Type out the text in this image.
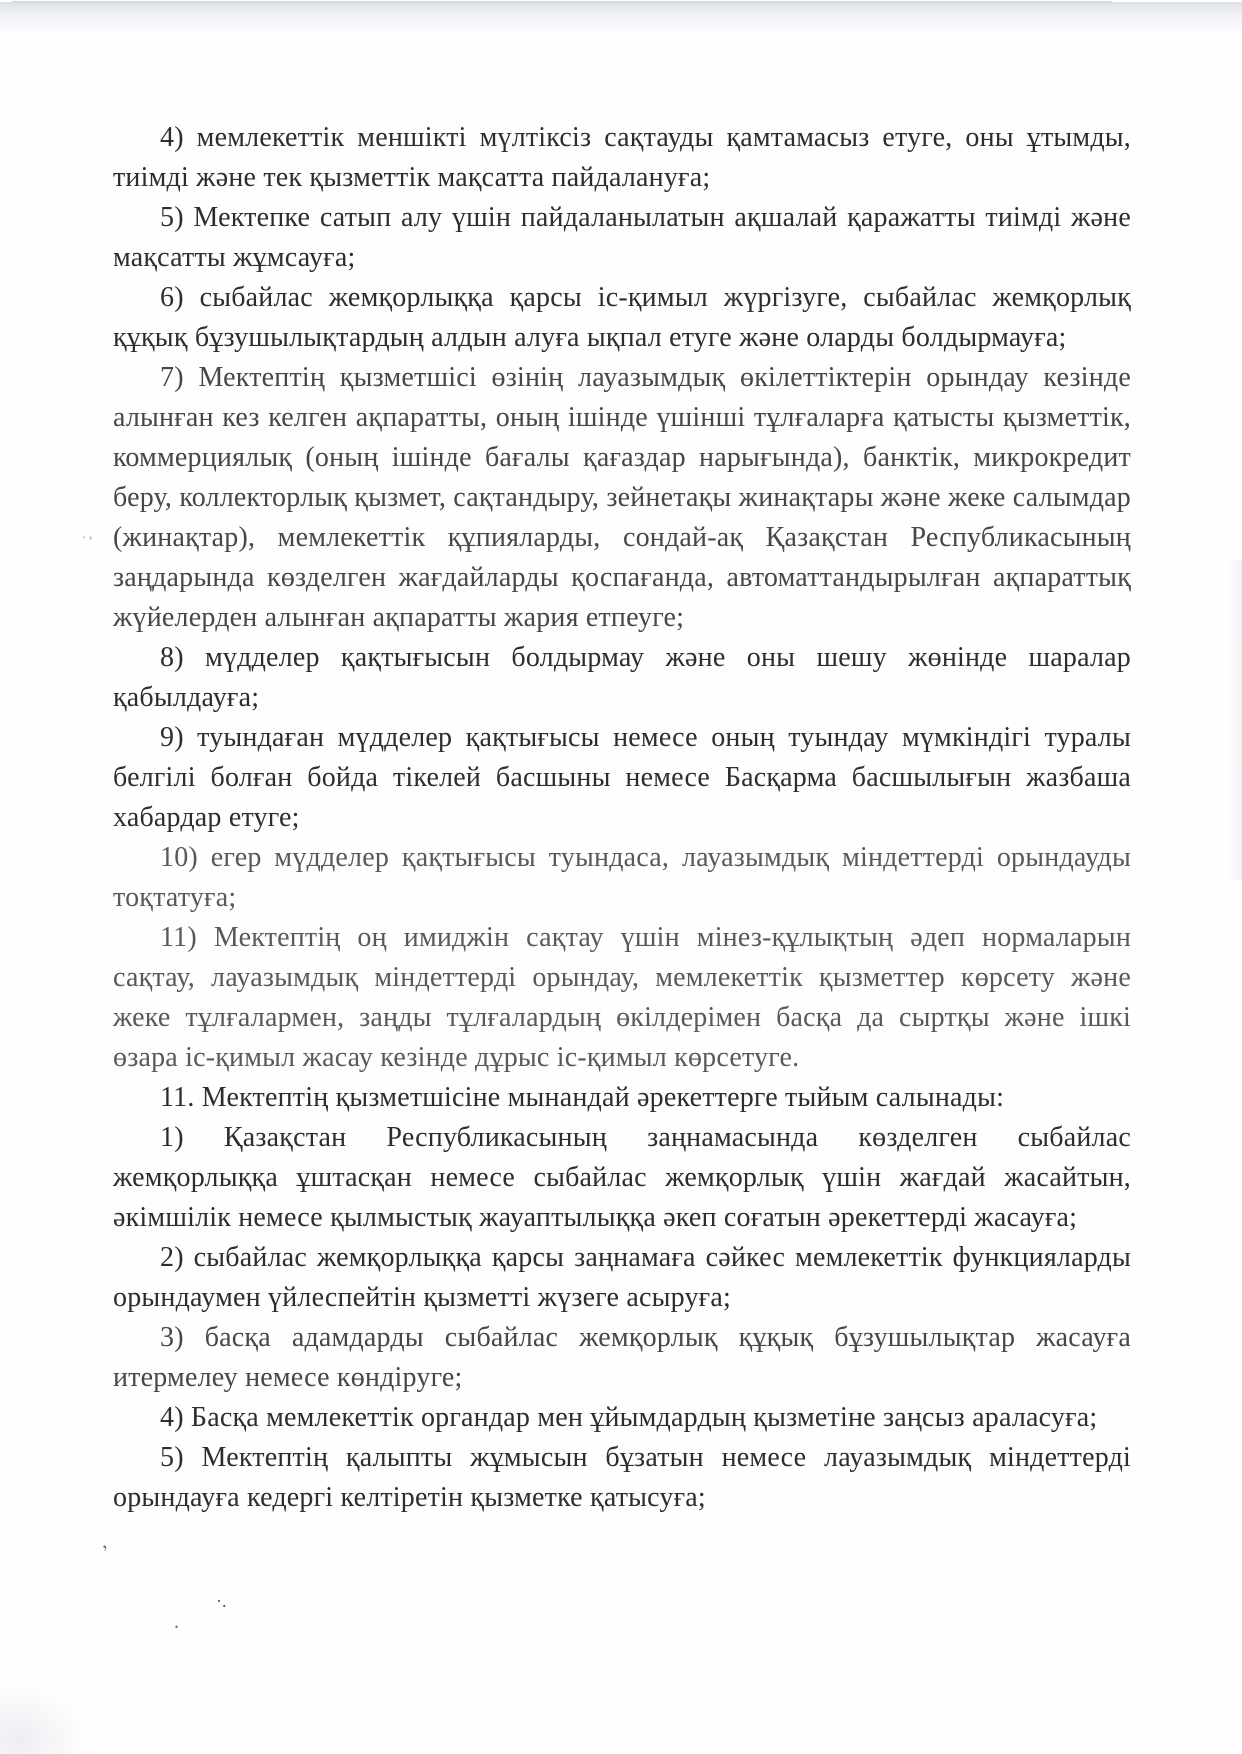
4) мемлекеттік меншікті мүлтіксіз сақтауды қамтамасыз етуге, оны ұтымды, тиімді және тек қызметтік мақсатта пайдалануға;

5) Мектепке сатып алу үшін пайдаланылатын ақшалай қаражатты тиімді және мақсатты жұмсауға;

6) сыбайлас жемқорлыққа қарсы іс-қимыл жүргізуге, сыбайлас жемқорлық құқық бұзушылықтардың алдын алуға ықпал етуге және оларды болдырмауға;

7) Мектептің қызметшісі өзінің лауазымдық өкілеттіктерін орындау кезінде алынған кез келген ақпаратты, оның ішінде үшінші тұлғаларға қатысты қызметтік, коммерциялық (оның ішінде бағалы қағаздар нарығында), банктік, микрокредит беру, коллекторлық қызмет, сақтандыру, зейнетақы жинақтары және жеке салымдар (жинақтар), мемлекеттік құпияларды, сондай-ақ Қазақстан Республикасының заңдарында көзделген жағдайларды қоспағанда, автоматтандырылған ақпараттық жүйелерден алынған ақпаратты жария етпеуге;

8) мүдделер қақтығысын болдырмау және оны шешу жөнінде шаралар қабылдауға;

9) туындаған мүдделер қақтығысы немесе оның туындау мүмкіндігі туралы белгілі болған бойда тікелей басшыны немесе Басқарма басшылығын жазбаша хабардар етуге;

10) егер мүдделер қақтығысы туындаса, лауазымдық міндеттерді орындауды тоқтатуға;

11) Мектептің оң имиджін сақтау үшін мінез-құлықтың әдеп нормаларын сақтау, лауазымдық міндеттерді орындау, мемлекеттік қызметтер көрсету және жеке тұлғалармен, заңды тұлғалардың өкілдерімен басқа да сыртқы және ішкі өзара іс-қимыл жасау кезінде дұрыс іс-қимыл көрсетуге.

11. Мектептің қызметшісіне мынандай әрекеттерге тыйым салынады:

1) Қазақстан Республикасының заңнамасында көзделген сыбайлас жемқорлыққа ұштасқан немесе сыбайлас жемқорлық үшін жағдай жасайтын, әкімшілік немесе қылмыстық жауаптылыққа әкеп соғатын әрекеттерді жасауға;

2) сыбайлас жемқорлыққа қарсы заңнамаға сәйкес мемлекеттік функцияларды орындаумен үйлеспейтін қызметті жүзеге асыруға;

3) басқа адамдарды сыбайлас жемқорлық құқық бұзушылықтар жасауға итермелеу немесе көндіруге;

4) Басқа мемлекеттік органдар мен ұйымдардың қызметіне заңсыз араласуға;

5) Мектептің қалыпты жұмысын бұзатын немесе лауазымдық міндеттерді орындауға кедергі келтіретін қызметке қатысуға;

,
·.
.
. ,
